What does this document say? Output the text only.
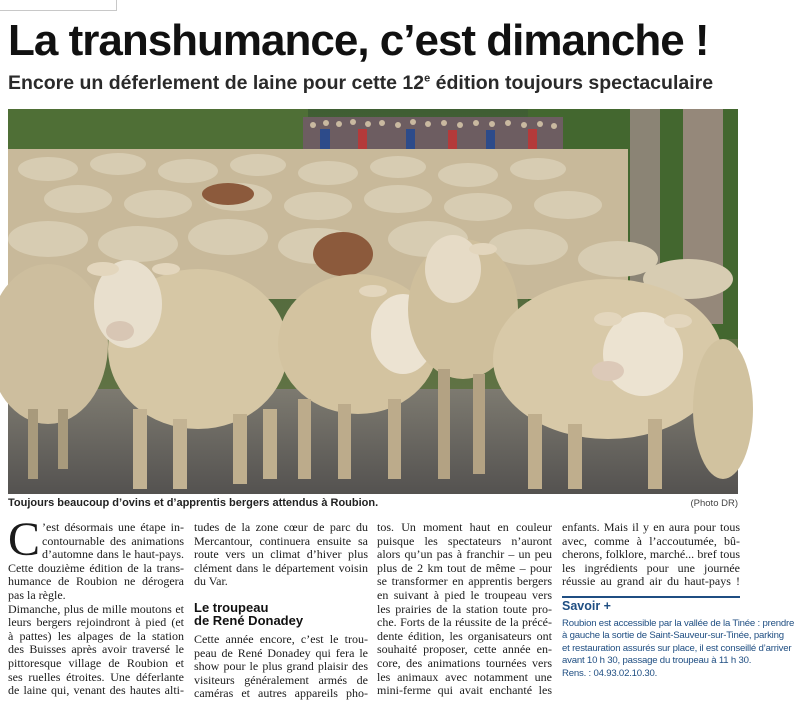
La transhumance, c’est dimanche !
Encore un déferlement de laine pour cette 12e édition toujours spectaculaire
Toujours beaucoup d’ovins et d’apprentis bergers attendus à Roubion.	(Photo DR)
C ’est désormais une étape in-
contournable des animations
d’automne dans le haut-pays.
Cette douzième édition de la trans-
humance de Roubion ne dérogera
pas la règle.

Dimanche, plus de mille moutons et
leurs bergers rejoindront à pied (et
à pattes) les alpages de la station
des Buisses après avoir traversé le
pittoresque village de Roubion et
ses ruelles étroites. Une déferlante
de laine qui, venant des hautes alti-

tudes de la zone cœur de parc du
Mercantour, continuera ensuite sa
route vers un climat d’hiver plus
clément dans le département voisin
du Var.

Le troupeau
de René Donadey

Cette année encore, c’est le trou-
peau de René Donadey qui fera le
show pour le plus grand plaisir des
visiteurs généralement armés de
caméras et autres appareils pho-

tos. Un moment haut en couleur
puisque les spectateurs n’auront
alors qu’un pas à franchir – un peu
plus de 2 km tout de même – pour
se transformer en apprentis bergers
en suivant à pied le troupeau vers
les prairies de la station toute pro-
che. Forts de la réussite de la précé-
dente édition, les organisateurs ont
souhaité proposer, cette année en-
core, des animations tournées vers
les animaux avec notamment une
mini-ferme qui avait enchanté les

enfants. Mais il y en aura pour tous
avec, comme à l’accoutumée, bû-
cherons, folklore, marché... bref tous
les ingrédients pour une journée
réussie au grand air du haut-pays !

Savoir +
Roubion est accessible par la vallée de la Tinée : prendre
à gauche la sortie de Saint-Sauveur-sur-Tinée, parking
et restauration assurés sur place, il est conseillé d’arriver
avant 10 h 30, passage du troupeau à 11 h 30.
Rens. : 04.93.02.10.30.
